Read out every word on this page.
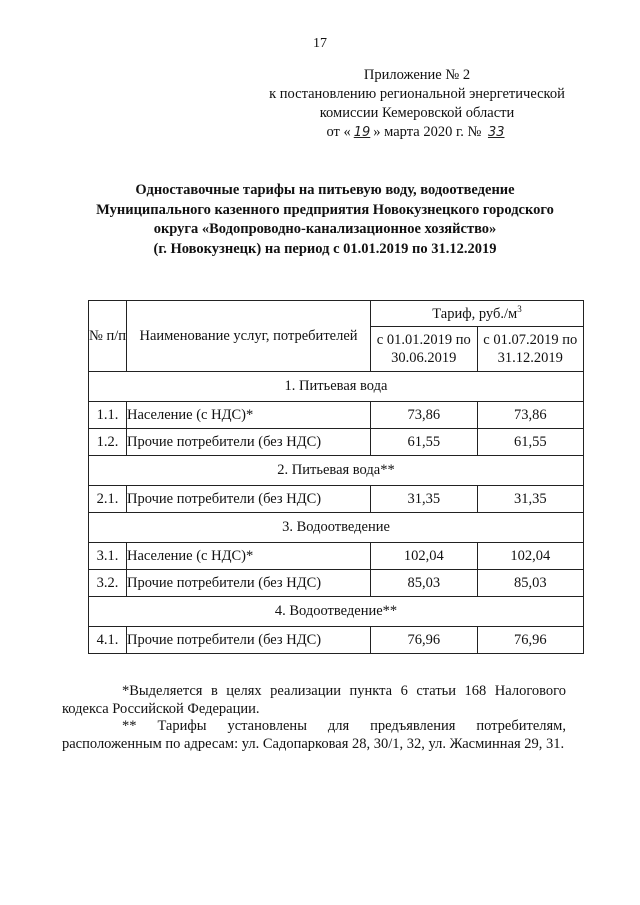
17
Приложение № 2
к постановлению региональной энергетической
комиссии Кемеровской области
от « 19 » марта 2020 г. № 33
Одноставочные тарифы на питьевую воду, водоотведение
Муниципального казенного предприятия Новокузнецкого городского
округа «Водопроводно-канализационное хозяйство»
(г. Новокузнецк) на период с 01.01.2019 по 31.12.2019
№ п/п	Наименование услуг, потребителей	Тариф, $руб./м^3$
		с 01.01.2019 по 30.06.2019	с 01.07.2019 по 31.12.2019
1. Питьевая вода			
1.1.	Население (с НДС)*	73,86	73,86
1.2.	Прочие потребители (без НДС)	61,55	61,55
2. Питьевая вода**			
2.1.	Прочие потребители (без НДС)	31,35	31,35
3. Водоотведение			
3.1.	Население (с НДС)*	102,04	102,04
3.2.	Прочие потребители (без НДС)	85,03	85,03
4. Водоотведение**			
4.1.	Прочие потребители (без НДС)	76,96	76,96

*Выделяется в целях реализации пункта 6 статьи 168 Налогового кодекса Российской Федерации.

** Тарифы установлены для предъявления потребителям, расположенным по адресам: ул. Садопарковая 28, 30/1, 32, ул. Жасминная 29, 31.
